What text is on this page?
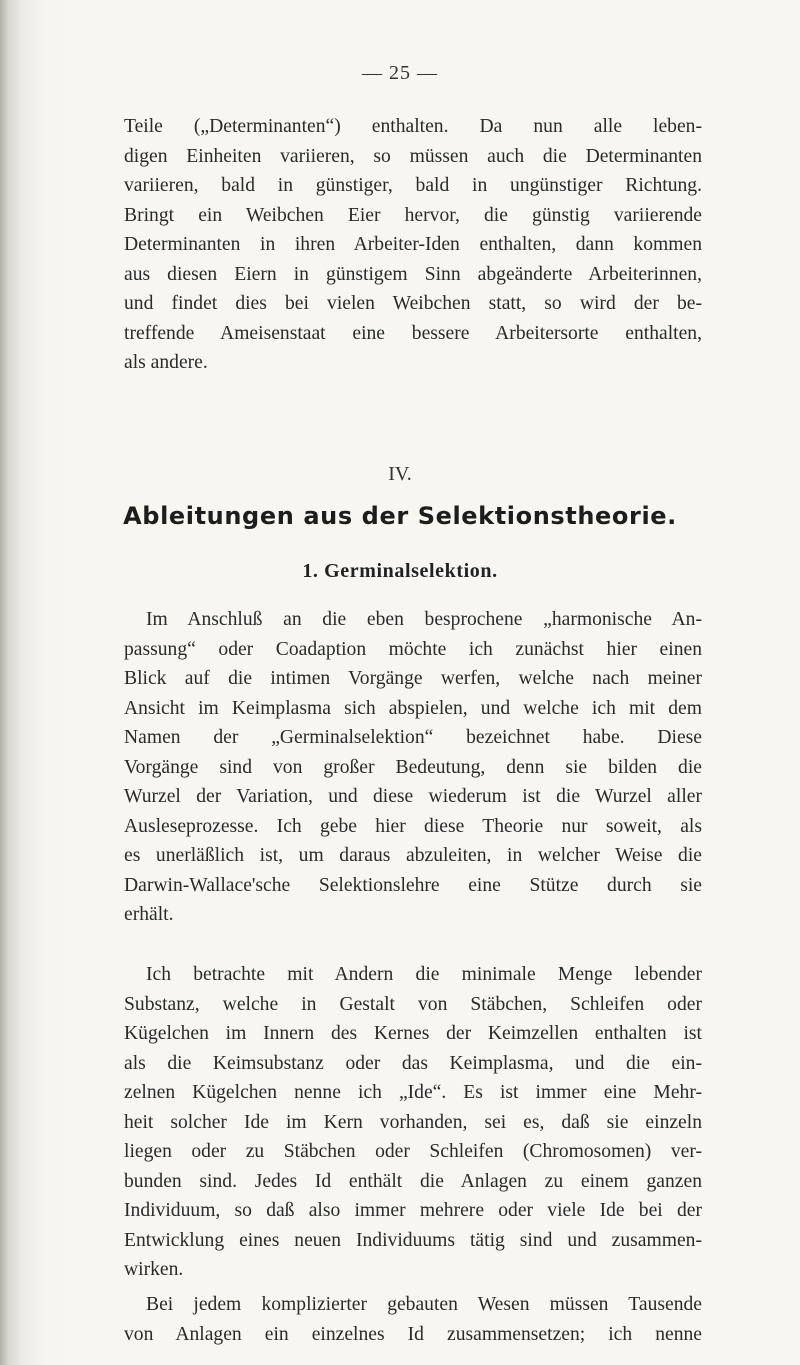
— 25 —
Teile („Determinanten“) enthalten. Da nun alle leben-
digen Einheiten variieren, so müssen auch die Determinanten
variieren, bald in günstiger, bald in ungünstiger Richtung.
Bringt ein Weibchen Eier hervor, die günstig variierende
Determinanten in ihren Arbeiter-Iden enthalten, dann kommen
aus diesen Eiern in günstigem Sinn abgeänderte Arbeiterinnen,
und findet dies bei vielen Weibchen statt, so wird der be-
treffende Ameisenstaat eine bessere Arbeitersorte enthalten,
als andere.
IV.
Ableitungen aus der Selektionstheorie.
1. Germinalselektion.
Im Anschluß an die eben besprochene „harmonische An-
passung“ oder Coadaption möchte ich zunächst hier einen
Blick auf die intimen Vorgänge werfen, welche nach meiner
Ansicht im Keimplasma sich abspielen, und welche ich mit dem
Namen der „Germinalselektion“ bezeichnet habe. Diese
Vorgänge sind von großer Bedeutung, denn sie bilden die
Wurzel der Variation, und diese wiederum ist die Wurzel aller
Ausleseprozesse. Ich gebe hier diese Theorie nur soweit, als
es unerläßlich ist, um daraus abzuleiten, in welcher Weise die
Darwin-Wallace'sche Selektionslehre eine Stütze durch sie
erhält.
Ich betrachte mit Andern die minimale Menge lebender
Substanz, welche in Gestalt von Stäbchen, Schleifen oder
Kügelchen im Innern des Kernes der Keimzellen enthalten ist
als die Keimsubstanz oder das Keimplasma, und die ein-
zelnen Kügelchen nenne ich „Ide“. Es ist immer eine Mehr-
heit solcher Ide im Kern vorhanden, sei es, daß sie einzeln
liegen oder zu Stäbchen oder Schleifen (Chromosomen) ver-
bunden sind. Jedes Id enthält die Anlagen zu einem ganzen
Individuum, so daß also immer mehrere oder viele Ide bei der
Entwicklung eines neuen Individuums tätig sind und zusammen-
wirken.
Bei jedem komplizierter gebauten Wesen müssen Tausende
von Anlagen ein einzelnes Id zusammensetzen; ich nenne
